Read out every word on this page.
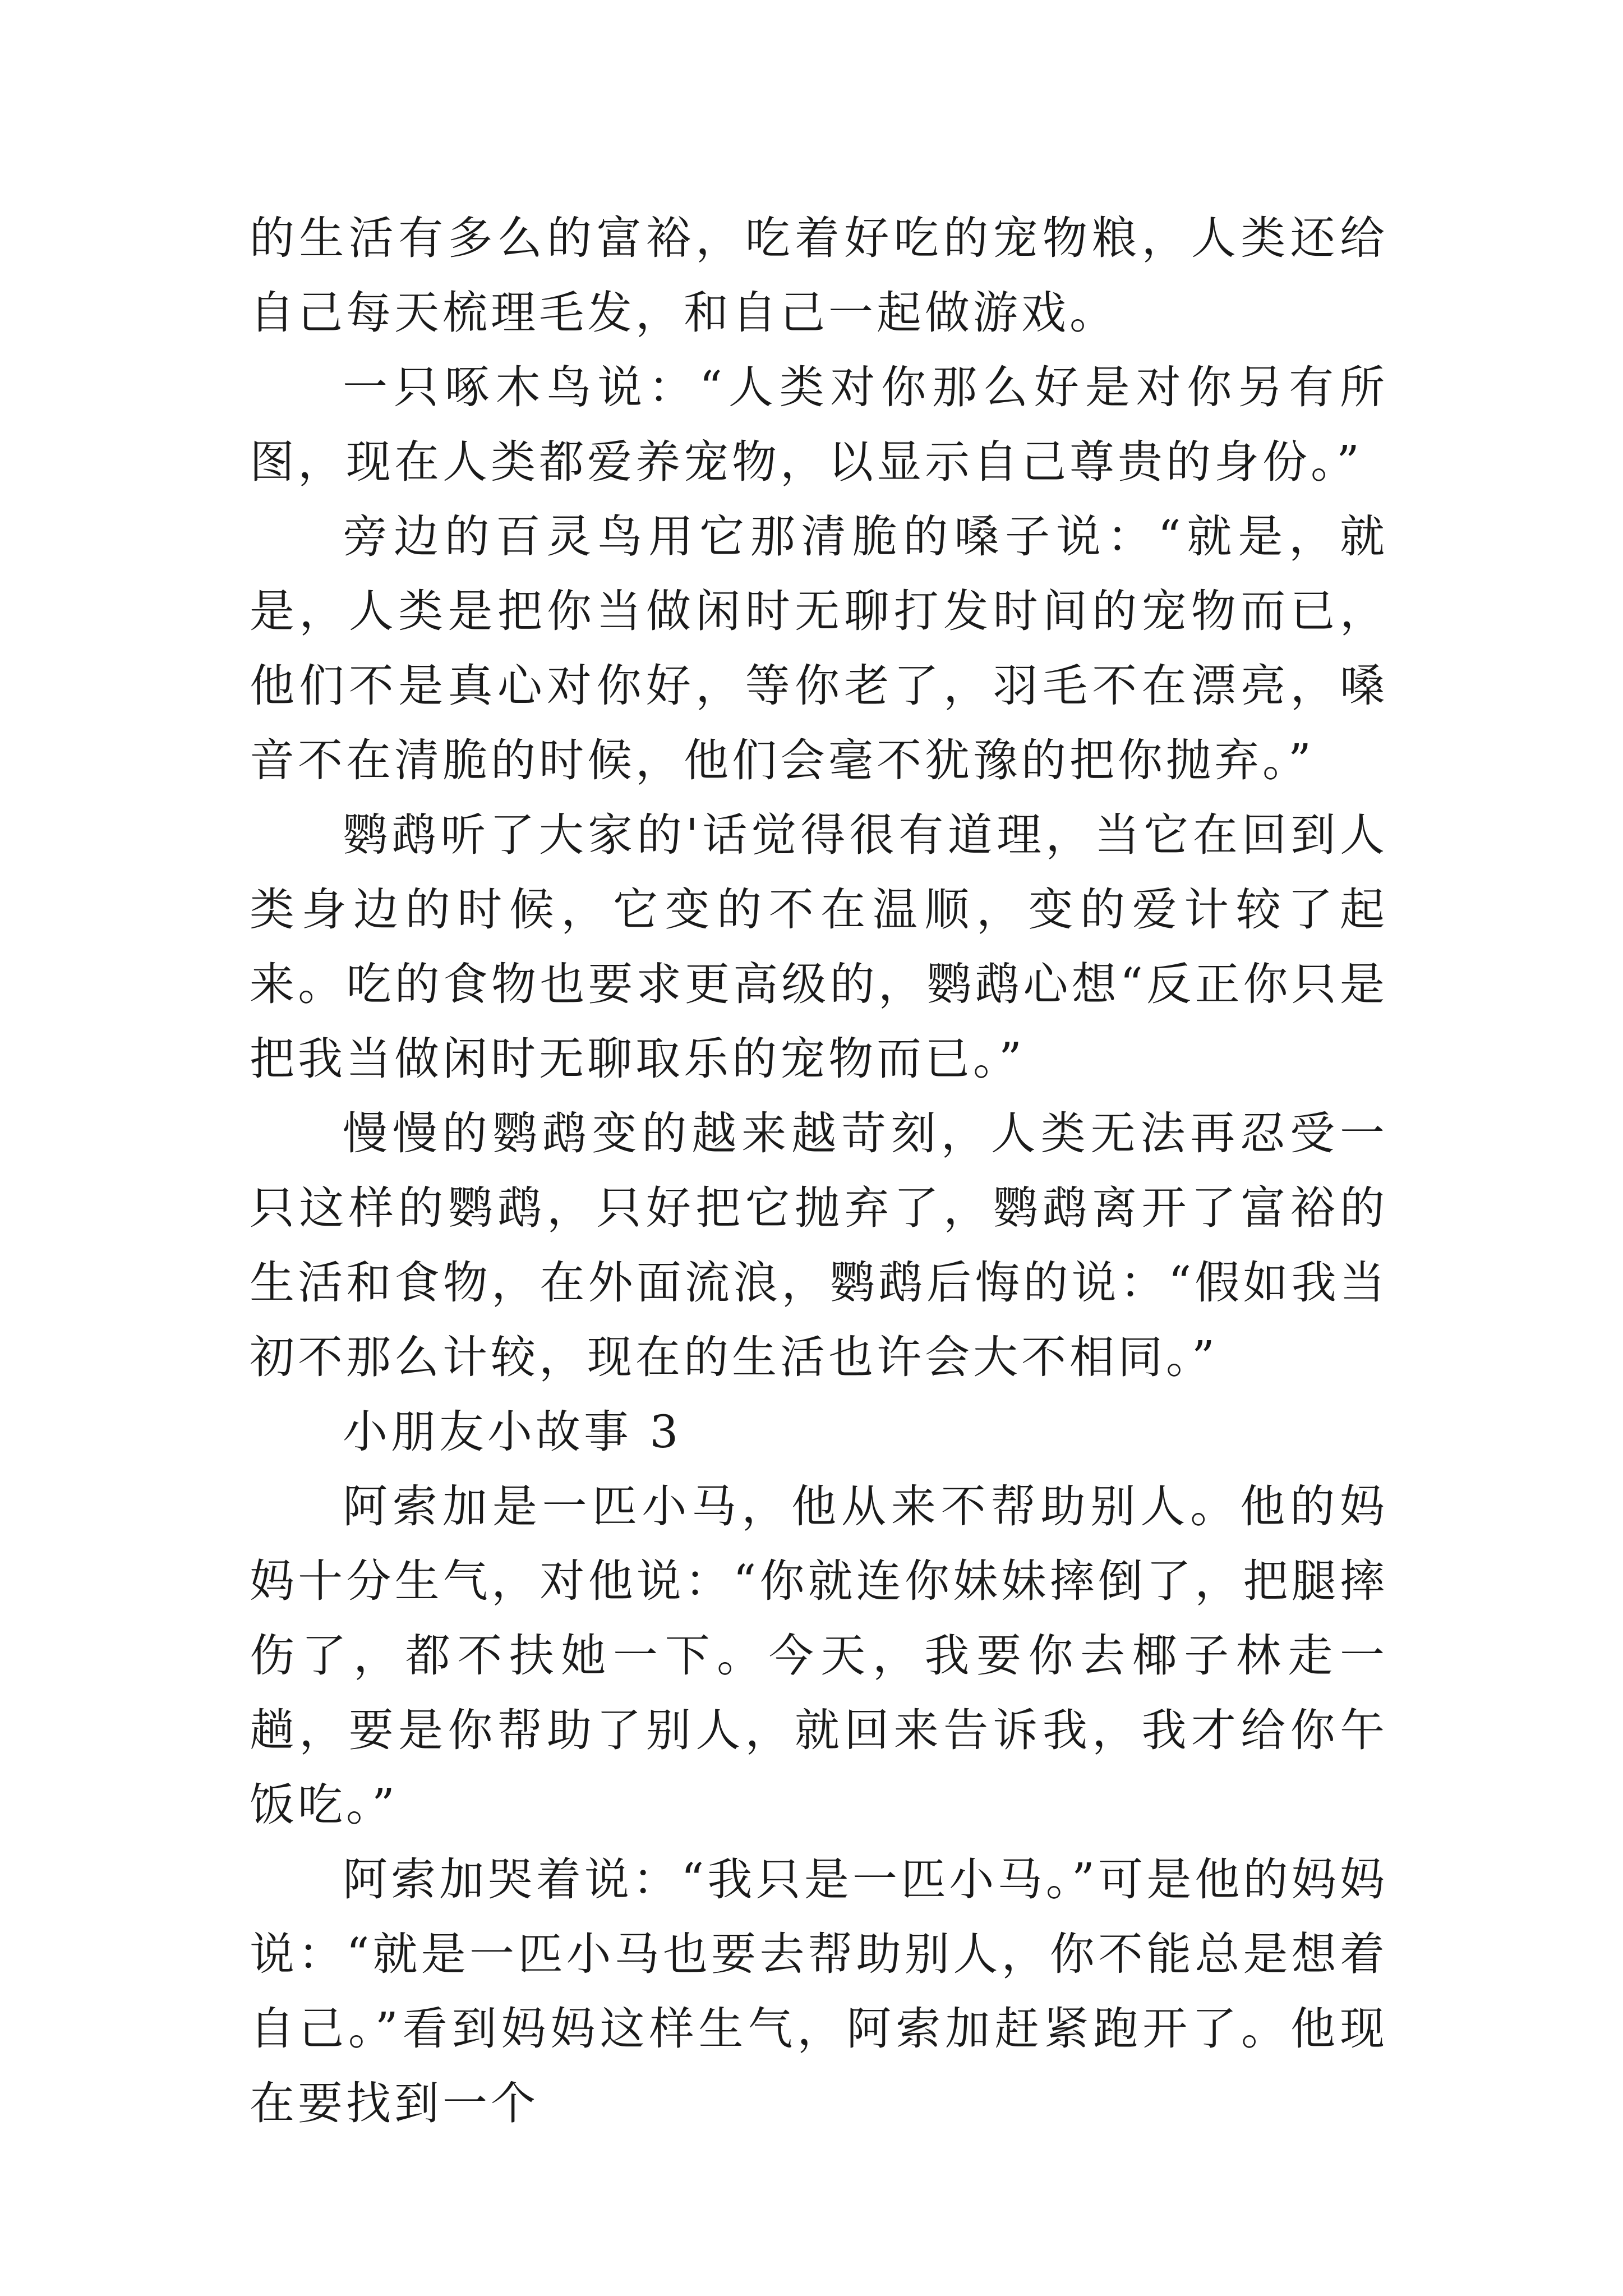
的生活有多么的富裕，吃着好吃的宠物粮，人类还给自己每天梳理毛发，和自己一起做游戏。

一只啄木鸟说：“人类对你那么好是对你另有所图，现在人类都爱养宠物，以显示自己尊贵的身份。”

旁边的百灵鸟用它那清脆的嗓子说：“就是，就是，人类是把你当做闲时无聊打发时间的宠物而已，他们不是真心对你好，等你老了，羽毛不在漂亮，嗓音不在清脆的时候，他们会毫不犹豫的把你抛弃。”

鹦鹉听了大家的'话觉得很有道理，当它在回到人类身边的时候，它变的不在温顺，变的爱计较了起来。吃的食物也要求更高级的，鹦鹉心想“反正你只是把我当做闲时无聊取乐的宠物而已。”

慢慢的鹦鹉变的越来越苛刻，人类无法再忍受一只这样的鹦鹉，只好把它抛弃了，鹦鹉离开了富裕的生活和食物，在外面流浪，鹦鹉后悔的说：“假如我当初不那么计较，现在的生活也许会大不相同。”

小朋友小故事 3

阿索加是一匹小马，他从来不帮助别人。他的妈妈十分生气，对他说：“你就连你妹妹摔倒了，把腿摔伤了，都不扶她一下。今天，我要你去椰子林走一趟，要是你帮助了别人，就回来告诉我，我才给你午饭吃。”

阿索加哭着说：“我只是一匹小马。”可是他的妈妈说：“就是一匹小马也要去帮助别人，你不能总是想着自己。”看到妈妈这样生气，阿索加赶紧跑开了。他现在要找到一个
